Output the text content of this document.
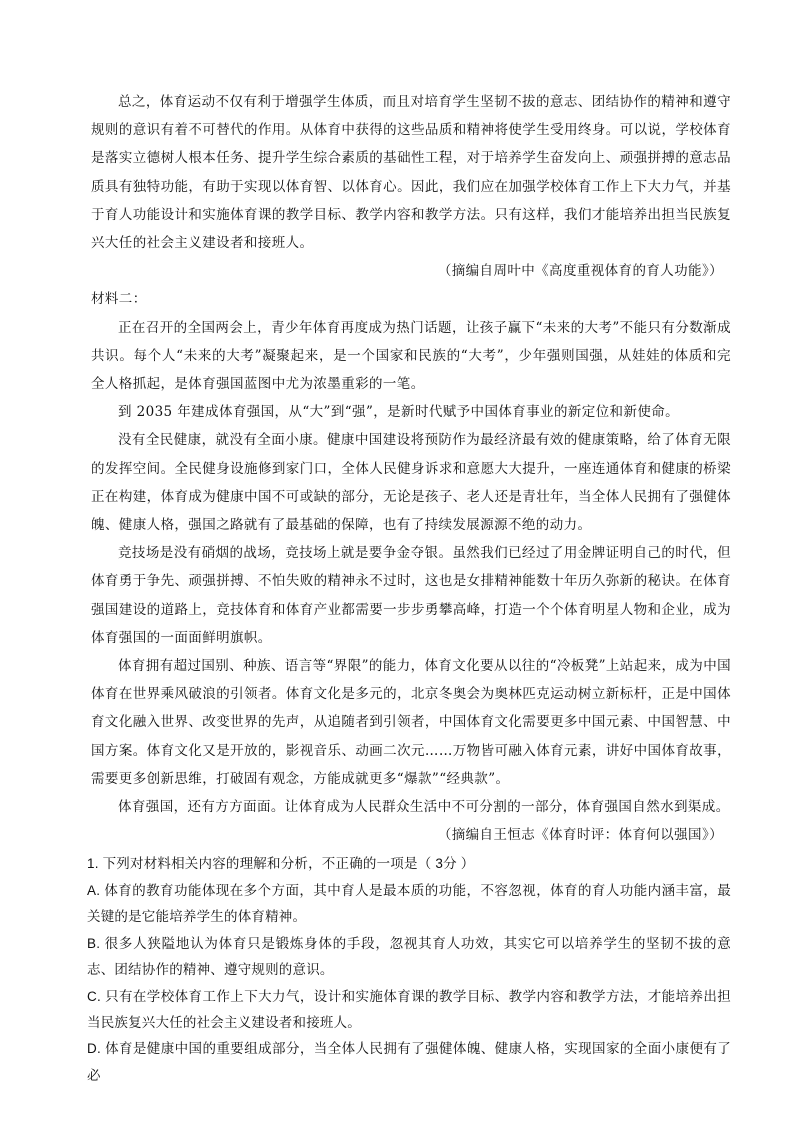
总之，体育运动不仅有利于增强学生体质，而且对培育学生坚韧不拔的意志、团结协作的精神和遵守规则的意识有着不可替代的作用。从体育中获得的这些品质和精神将使学生受用终身。可以说，学校体育是落实立德树人根本任务、提升学生综合素质的基础性工程，对于培养学生奋发向上、顽强拼搏的意志品质具有独特功能，有助于实现以体育智、以体育心。因此，我们应在加强学校体育工作上下大力气，并基于育人功能设计和实施体育课的教学目标、教学内容和教学方法。只有这样，我们才能培养出担当民族复兴大任的社会主义建设者和接班人。

（摘编自周叶中《高度重视体育的育人功能》）

材料二：

正在召开的全国两会上，青少年体育再度成为热门话题，让孩子赢下“未来的大考”不能只有分数渐成共识。每个人“未来的大考”凝聚起来，是一个国家和民族的“大考”，少年强则国强，从娃娃的体质和完全人格抓起，是体育强国蓝图中尤为浓墨重彩的一笔。

到 2035 年建成体育强国，从“大”到“强”，是新时代赋予中国体育事业的新定位和新使命。

没有全民健康，就没有全面小康。健康中国建设将预防作为最经济最有效的健康策略，给了体育无限的发挥空间。全民健身设施修到家门口，全体人民健身诉求和意愿大大提升，一座连通体育和健康的桥梁正在构建，体育成为健康中国不可或缺的部分，无论是孩子、老人还是青壮年，当全体人民拥有了强健体魄、健康人格，强国之路就有了最基础的保障，也有了持续发展源源不绝的动力。

竞技场是没有硝烟的战场，竞技场上就是要争金夺银。虽然我们已经过了用金牌证明自己的时代，但体育勇于争先、顽强拼搏、不怕失败的精神永不过时，这也是女排精神能数十年历久弥新的秘诀。在体育强国建设的道路上，竞技体育和体育产业都需要一步步勇攀高峰，打造一个个体育明星人物和企业，成为体育强国的一面面鲜明旗帜。

体育拥有超过国别、种族、语言等“界限”的能力，体育文化要从以往的“冷板凳”上站起来，成为中国体育在世界乘风破浪的引领者。体育文化是多元的，北京冬奥会为奥林匹克运动树立新标杆，正是中国体育文化融入世界、改变世界的先声，从追随者到引领者，中国体育文化需要更多中国元素、中国智慧、中国方案。体育文化又是开放的，影视音乐、动画二次元……万物皆可融入体育元素，讲好中国体育故事，需要更多创新思维，打破固有观念，方能成就更多“爆款”“经典款”。

体育强国，还有方方面面。让体育成为人民群众生活中不可分割的一部分，体育强国自然水到渠成。

（摘编自王恒志《体育时评：体育何以强国》）

1. 下列对材料相关内容的理解和分析，不正确的一项是（ 3分 ）

A. 体育的教育功能体现在多个方面，其中育人是最本质的功能，不容忽视，体育的育人功能内涵丰富，最关键的是它能培养学生的体育精神。

B. 很多人狭隘地认为体育只是锻炼身体的手段，忽视其育人功效，其实它可以培养学生的坚韧不拔的意志、团结协作的精神、遵守规则的意识。

C. 只有在学校体育工作上下大力气，设计和实施体育课的教学目标、教学内容和教学方法，才能培养出担当民族复兴大任的社会主义建设者和接班人。

D. 体育是健康中国的重要组成部分，当全体人民拥有了强健体魄、健康人格，实现国家的全面小康便有了必
